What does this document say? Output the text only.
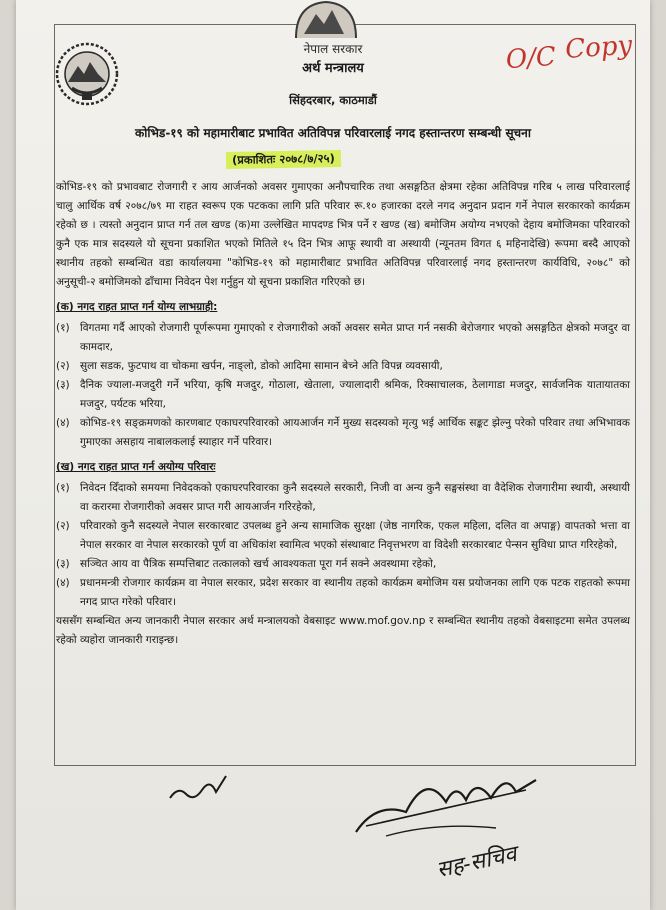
O/C Copy
नेपाल सरकार
अर्थ मन्त्रालय
सिंहदरबार, काठमाडौं
कोभिड-१९ को महामारीबाट प्रभावित अतिविपन्न परिवारलाई नगद हस्तान्तरण सम्बन्धी सूचना
(प्रकाशितः २०७८/७/२५)

कोभिड-१९ को प्रभावबाट रोजगारी र आय आर्जनको अवसर गुमाएका अनौपचारिक तथा असङ्गठित क्षेत्रमा रहेका अतिविपन्न गरिब ५ लाख परिवारलाई चालु आर्थिक वर्ष २०७८/७९ मा राहत स्वरूप एक पटकका लागि प्रति परिवार रू.१० हजारका दरले नगद अनुदान प्रदान गर्ने नेपाल सरकारको कार्यक्रम रहेको छ । त्यस्तो अनुदान प्राप्त गर्न तल खण्ड (क)मा उल्लेखित मापदण्ड भित्र पर्ने र खण्ड (ख) बमोजिम अयोग्य नभएको देहाय बमोजिमका परिवारको कुनै एक मात्र सदस्यले यो सूचना प्रकाशित भएको मितिले १५ दिन भित्र आफू स्थायी वा अस्थायी (न्यूनतम विगत ६ महिनादेखि) रूपमा बस्दै आएको स्थानीय तहको सम्बन्धित वडा कार्यालयमा "कोभिड-१९ को महामारीबाट प्रभावित अतिविपन्न परिवारलाई नगद हस्तान्तरण कार्यविधि, २०७८" को अनुसूची-२ बमोजिमको ढाँचामा निवेदन पेश गर्नुहुन यो सूचना प्रकाशित गरिएको छ।

(क) नगद राहत प्राप्त गर्न योग्य लाभग्राही:
(१) विगतमा गर्दै आएको रोजगारी पूर्णरूपमा गुमाएको र रोजगारीको अर्को अवसर समेत प्राप्त गर्न नसकी बेरोजगार भएको असङ्गठित क्षेत्रको मजदुर वा कामदार,
(२) सुला सडक, फुटपाथ वा चोकमा खर्पन, नाङ्लो, डोको आदिमा सामान बेच्ने अति विपन्न व्यवसायी,
(३) दैनिक ज्याला-मजदुरी गर्ने भरिया, कृषि मजदुर, गोठाला, खेताला, ज्यालादारी श्रमिक, रिक्साचालक, ठेलागाडा मजदुर, सार्वजनिक यातायातका मजदुर, पर्यटक भरिया,
(४) कोभिड-१९ सङ्क्रमणको कारणबाट एकाघरपरिवारको आयआर्जन गर्ने मुख्य सदस्यको मृत्यु भई आर्थिक सङ्कट झेल्नु परेको परिवार तथा अभिभावक गुमाएका असहाय नाबालकलाई स्याहार गर्ने परिवार।
(ख) नगद राहत प्राप्त गर्न अयोग्य परिवारः
(१) निवेदन दिँदाको समयमा निवेदकको एकाघरपरिवारका कुनै सदस्यले सरकारी, निजी वा अन्य कुनै सङ्घसंस्था वा वैदेशिक रोजगारीमा स्थायी, अस्थायी वा करारमा रोजगारीको अवसर प्राप्त गरी आयआर्जन गरिरहेको,
(२) परिवारको कुनै सदस्यले नेपाल सरकारबाट उपलब्ध हुने अन्य सामाजिक सुरक्षा (जेष्ठ नागरिक, एकल महिला, दलित वा अपाङ्ग) वापतको भत्ता वा नेपाल सरकार वा नेपाल सरकारको पूर्ण वा अधिकांश स्वामित्व भएको संस्थाबाट निवृत्तभरण वा विदेशी सरकारबाट पेन्सन सुविधा प्राप्त गरिरहेको,
(३) सञ्चित आय वा पैत्रिक सम्पत्तिबाट तत्कालको खर्च आवश्यकता पूरा गर्न सक्ने अवस्थामा रहेको,
(४) प्रधानमन्त्री रोजगार कार्यक्रम वा नेपाल सरकार, प्रदेश सरकार वा स्थानीय तहको कार्यक्रम बमोजिम यस प्रयोजनका लागि एक पटक राहतको रूपमा नगद प्राप्त गरेको परिवार।

यससँग सम्बन्धित अन्य जानकारी नेपाल सरकार अर्थ मन्त्रालयको वेबसाइट www.mof.gov.np र सम्बन्धित स्थानीय तहको वेबसाइटमा समेत उपलब्ध रहेको व्यहोरा जानकारी गराइन्छ।

सह-सचिव
